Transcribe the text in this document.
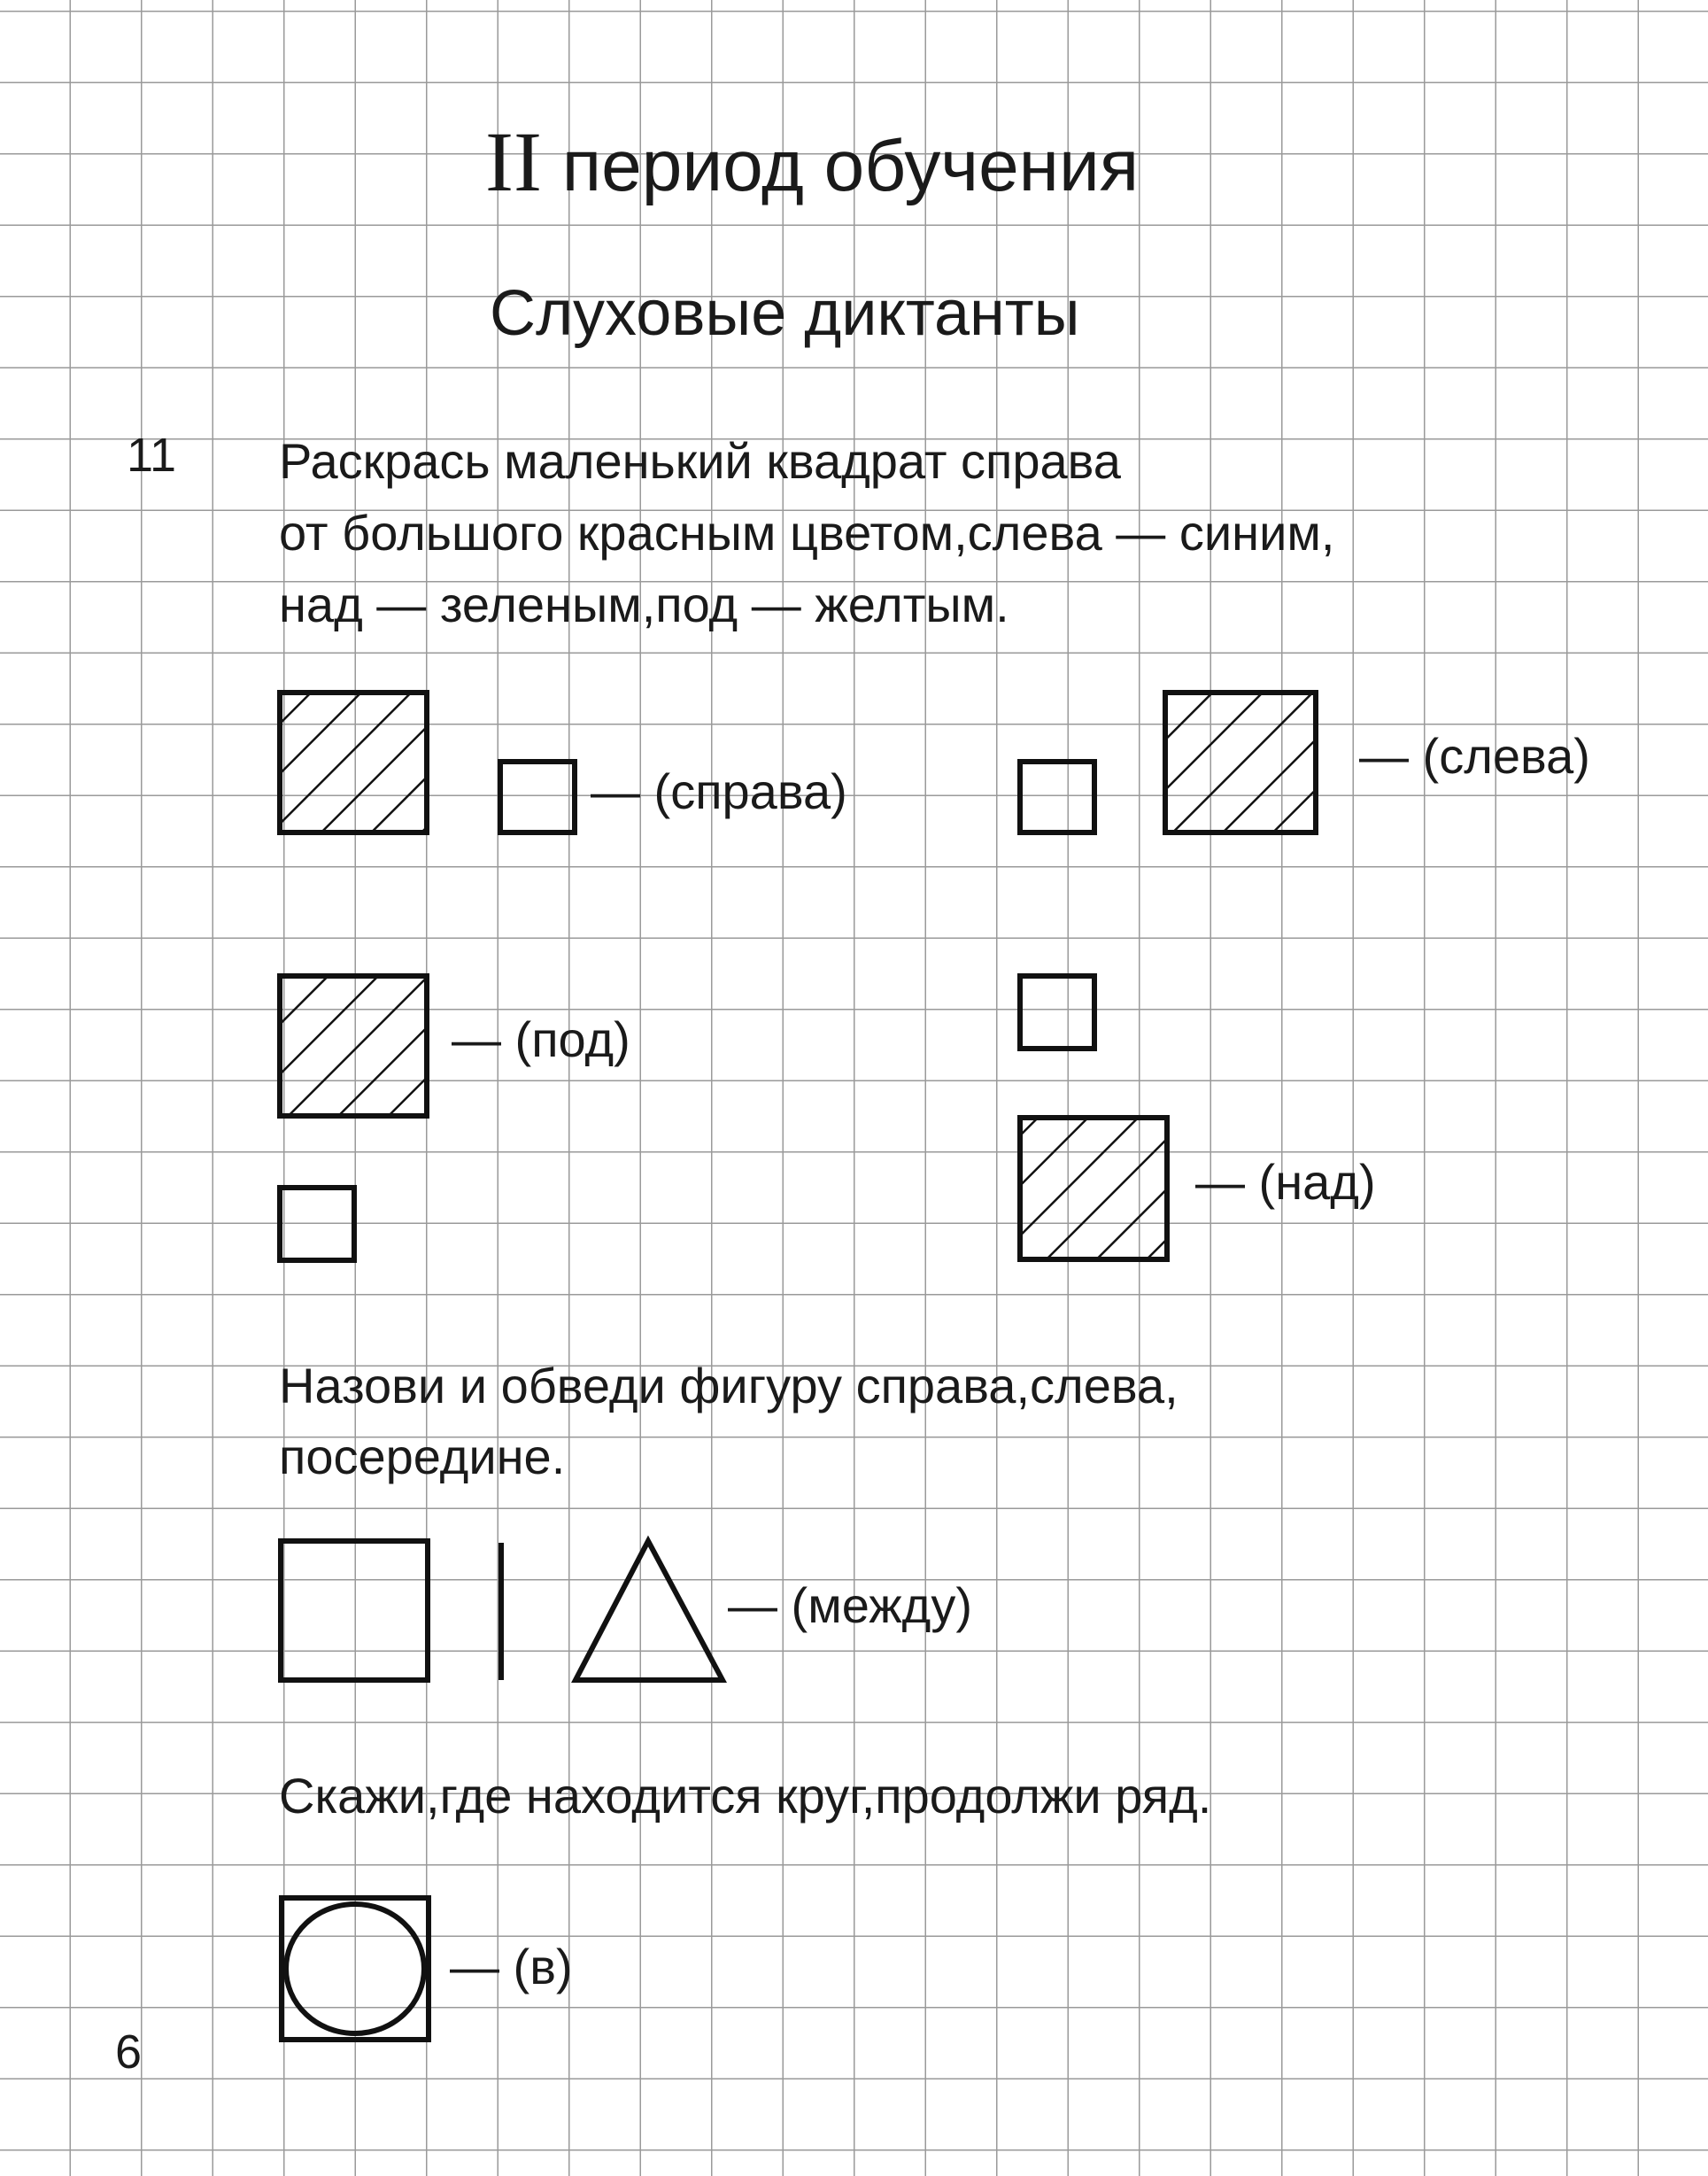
II период обучения
Слуховые диктанты
11 Раскрась маленький квадрат справа
от большого красным цветом,слева — синим,
над — зеленым,под — желтым.
— (справа)
— (слева)
— (под)
— (над)
Назови и обведи фигуру справа,слева,
посередине.
— (между)
Скажи,где находится круг,продолжи ряд.
— (в)
6
